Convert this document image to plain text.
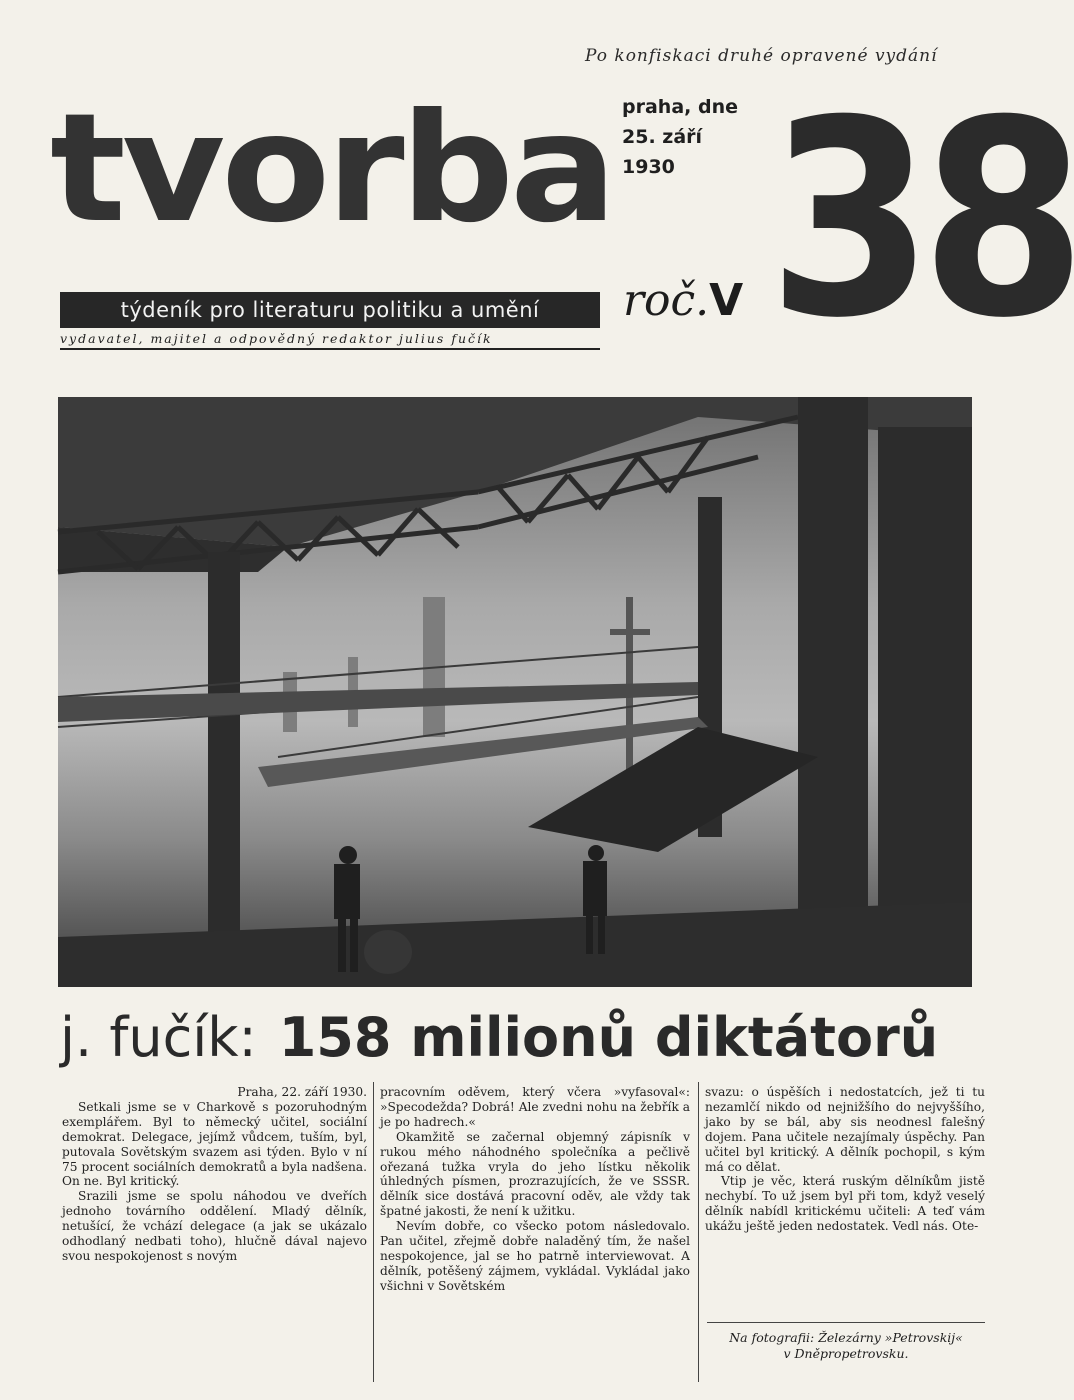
Po konfiskaci druhé opravené vydání
tvorba praha, dne
25. září
1930 38
roč.V
týdeník pro literaturu politiku a umění
vydavatel, majitel a odpovědný redaktor julius fučík
j. fučík: 158 milionů diktátorů

Praha, 22. září 1930.

Setkali jsme se v Charkově s pozoruhodným exemplářem. Byl to německý učitel, sociální demokrat. Delegace, jejímž vůdcem, tuším, byl, putovala Sovětským svazem asi týden. Bylo v ní 75 procent sociálních demokratů a byla nadšena. On ne. Byl kritický.

Srazili jsme se spolu náhodou ve dveřích jednoho továrního oddělení. Mladý dělník, netušící, že vchází delegace (a jak se ukázalo odhodlaný nedbati toho), hlučně dával najevo svou nespokojenost s novým

pracovním oděvem, který včera »vyfasoval«: »Specodežda? Dobrá! Ale zvedni nohu na žebřík a je po hadrech.«

Okamžitě se začernal objemný zápisník v rukou mého náhodného společníka a pečlivě ořezaná tužka vryla do jeho lístku několik úhledných písmen, prozrazujících, že ve SSSR. dělník sice dostává pracovní oděv, ale vždy tak špatné jakosti, že není k užitku.

Nevím dobře, co všecko potom následovalo. Pan učitel, zřejmě dobře naladěný tím, že našel nespokojence, jal se ho patrně interviewovat. A dělník, potěšený zájmem, vykládal. Vykládal jako všichni v Sovětském

svazu: o úspěších i nedostatcích, jež ti tu nezamlčí nikdo od nejnižšího do nejvyššího, jako by se bál, aby sis neodnesl falešný dojem. Pana učitele nezajímaly úspěchy. Pan učitel byl kritický. A dělník pochopil, s kým má co dělat.

Vtip je věc, která ruským dělníkům jistě nechybí. To už jsem byl při tom, když veselý dělník nabídl kritickému učiteli: A teď vám ukážu ještě jeden nedostatek. Vedl nás. Ote-

Na fotografii: Železárny »Petrovskij«
v Dněpropetrovsku.
